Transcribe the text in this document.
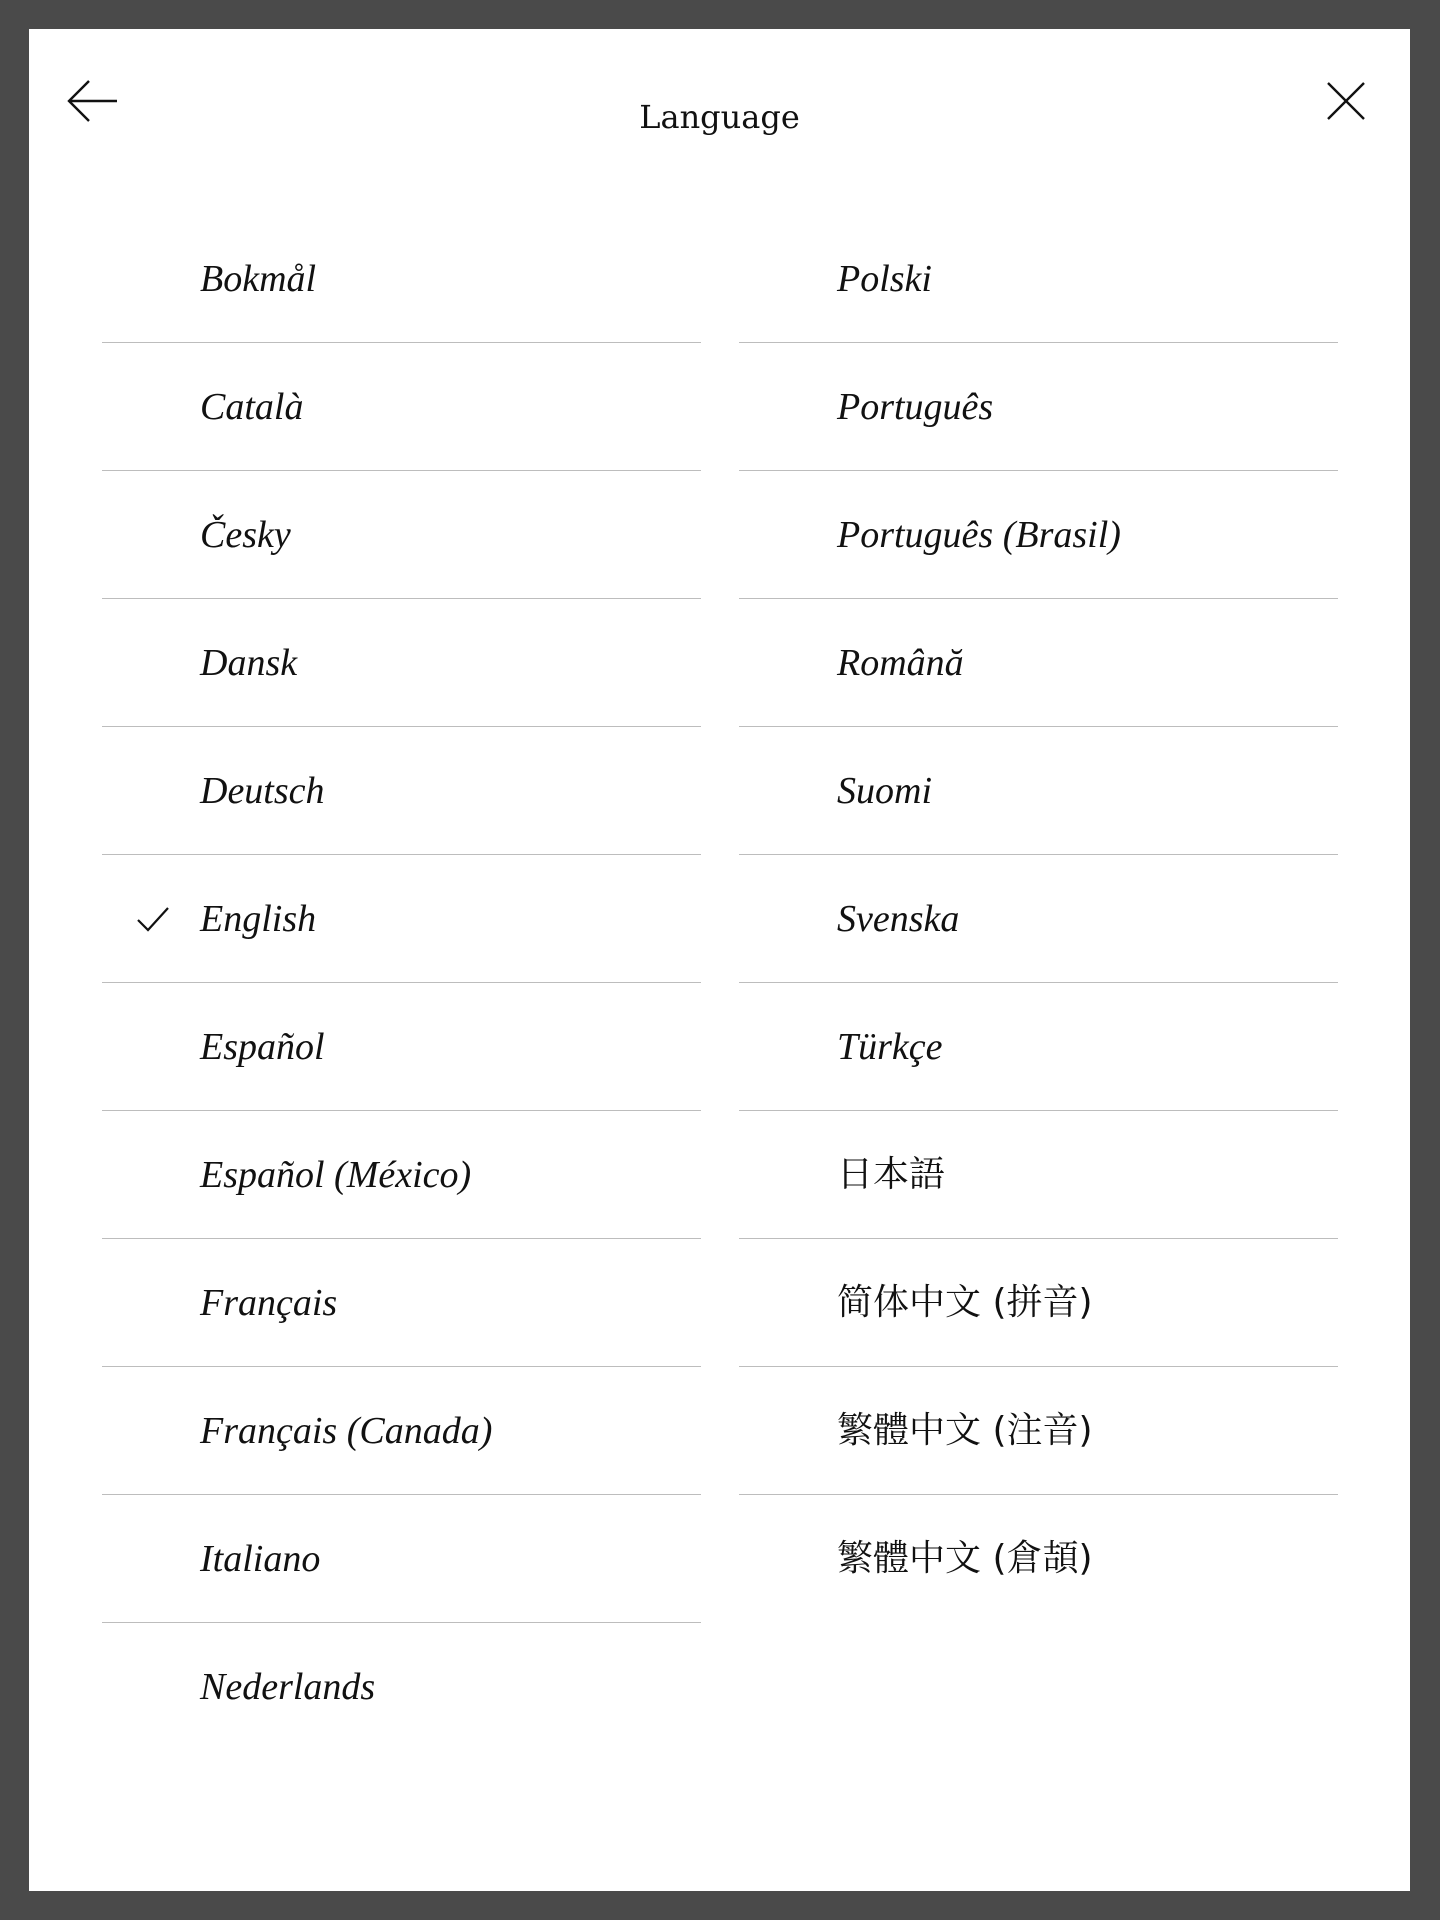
Language
Bokmål
Català
Česky
Dansk
Deutsch
English
Español
Español (México)
Français
Français (Canada)
Italiano
Nederlands
Polski
Português
Português (Brasil)
Română
Suomi
Svenska
Türkçe
日本語
简体中文 (拼音)
繁體中文 (注音)
繁體中文 (倉頡)
